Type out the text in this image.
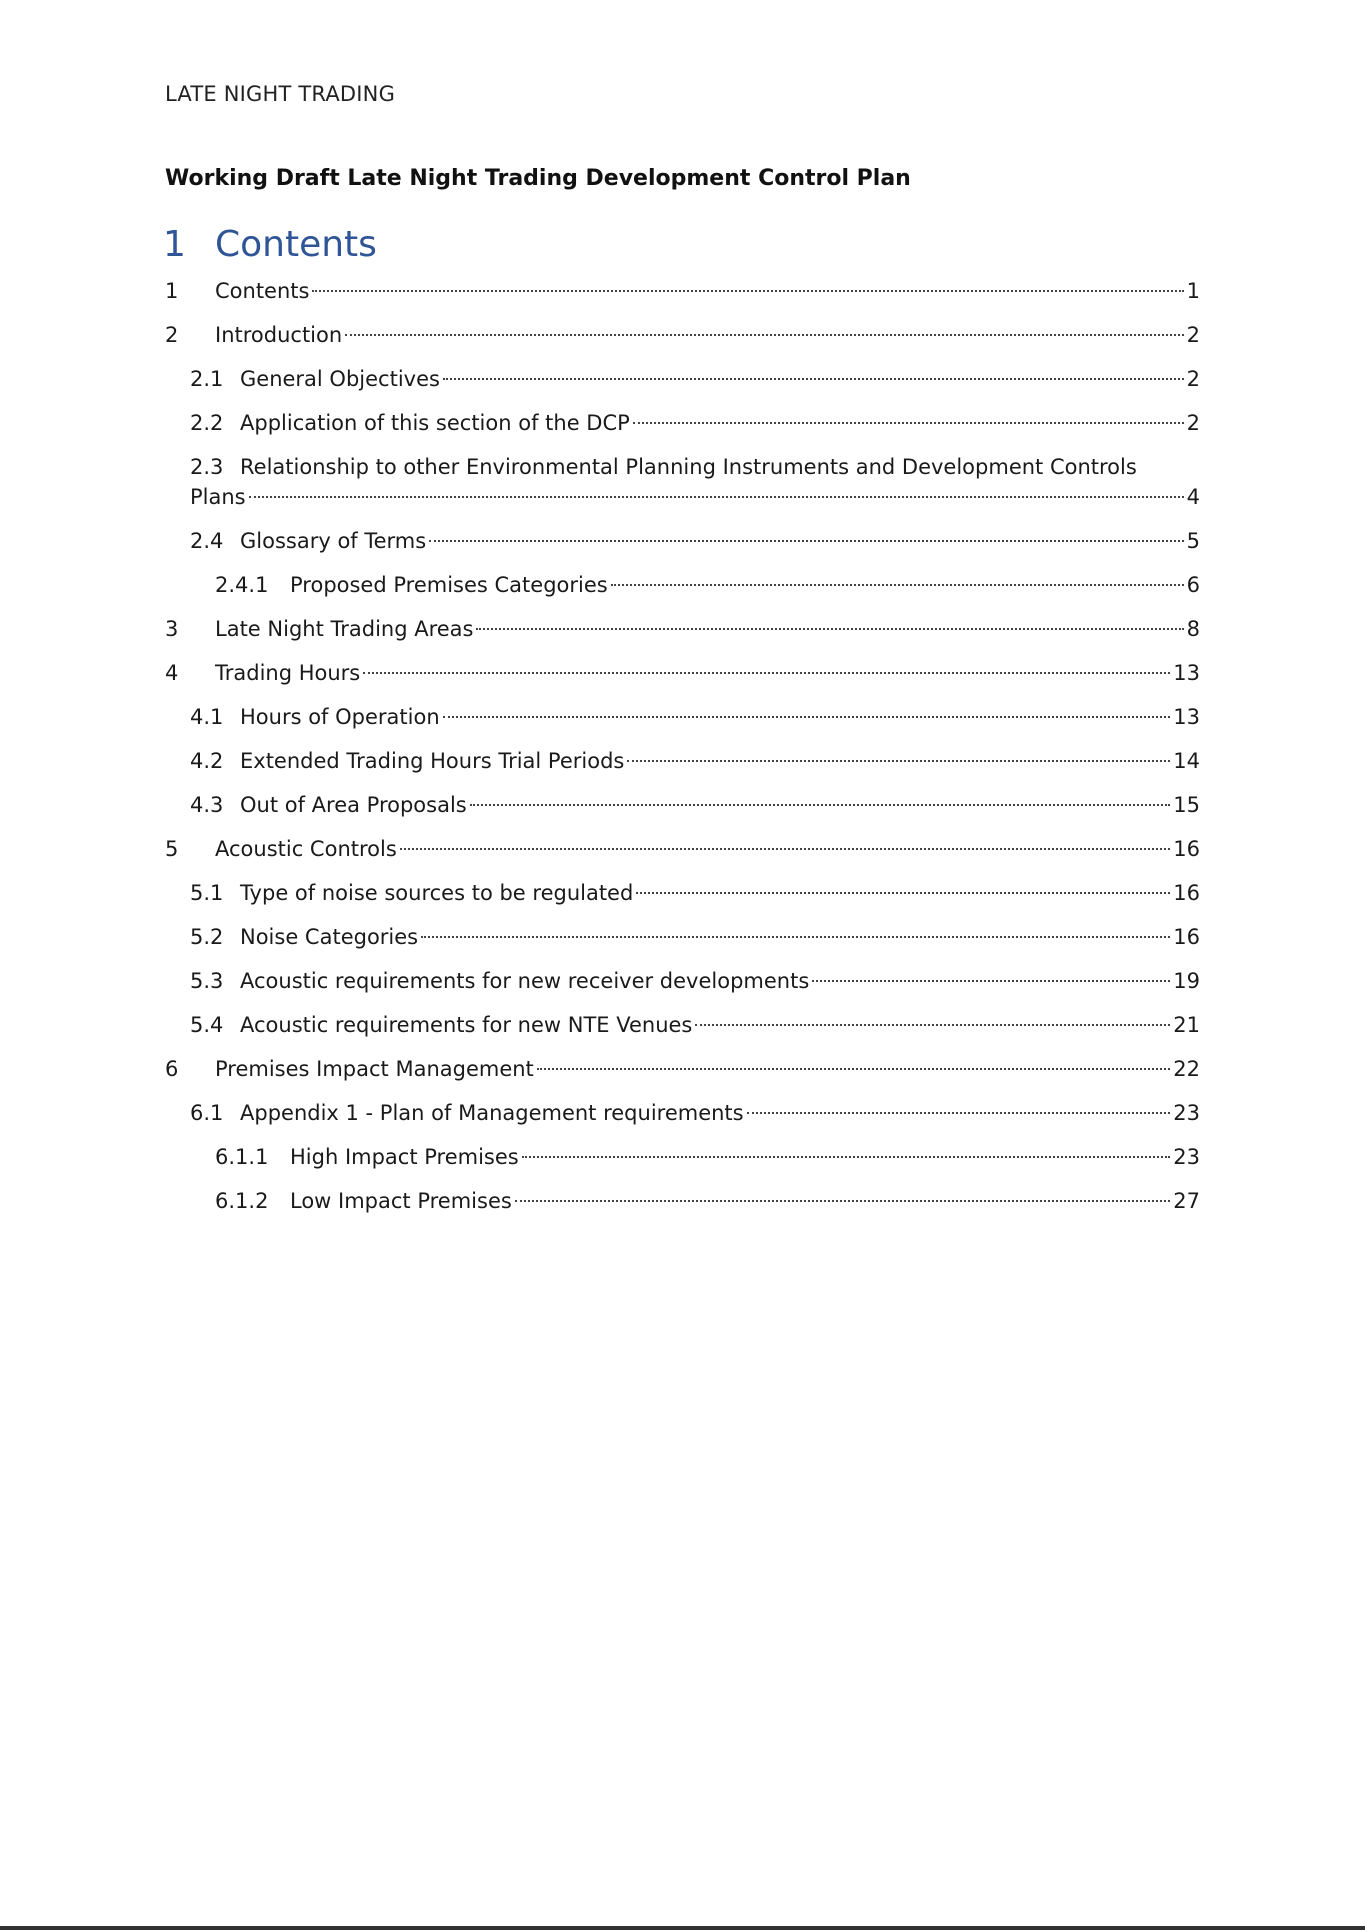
LATE NIGHT TRADING
Working Draft Late Night Trading Development Control Plan
1 Contents
1	Contents	1
2	Introduction	2
2.1 General Objectives	2
2.2 Application of this section of the DCP	2
2.3 Relationship to other Environmental Planning Instruments and Development Controls
Plans	4
2.4 Glossary of Terms	5
2.4.1	Proposed Premises Categories	6
3	Late Night Trading Areas	8
4	Trading Hours	13
4.1 Hours of Operation	13
4.2 Extended Trading Hours Trial Periods	14
4.3 Out of Area Proposals	15
5	Acoustic Controls	16
5.1 Type of noise sources to be regulated	16
5.2 Noise Categories	16
5.3 Acoustic requirements for new receiver developments	19
5.4 Acoustic requirements for new NTE Venues	21
6	Premises Impact Management	22
6.1 Appendix 1 - Plan of Management requirements	23
6.1.1	High Impact Premises	23
6.1.2	Low Impact Premises	27
